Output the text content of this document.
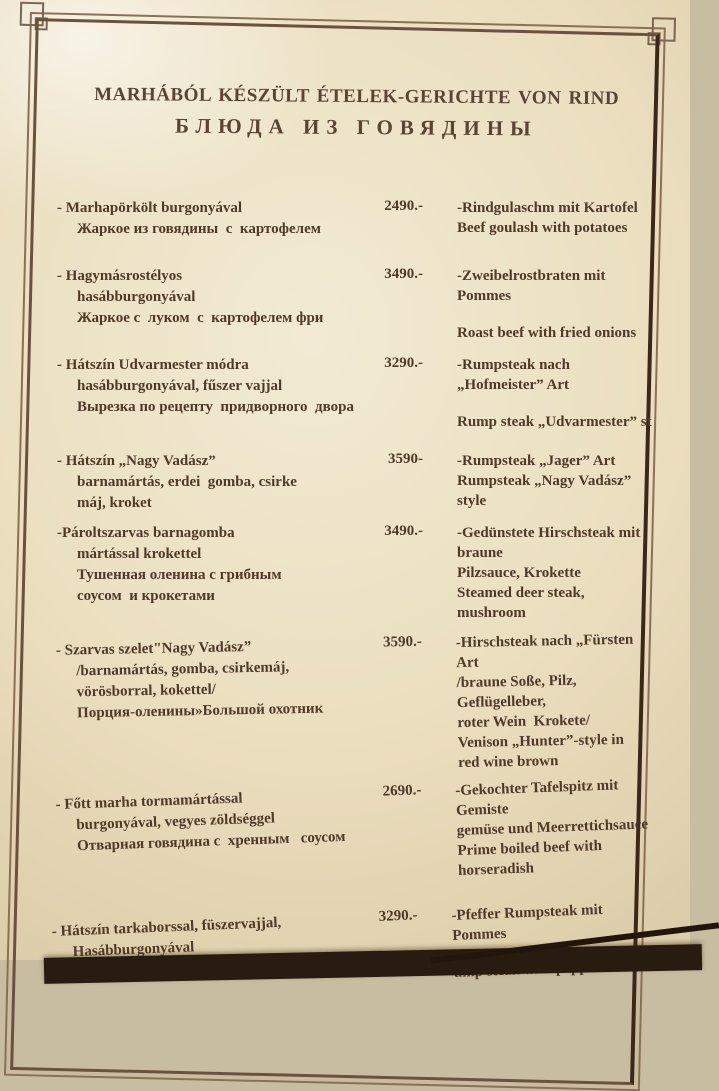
MARHÁBÓL KÉSZÜLT ÉTELEK-GERICHTE VON RIND
БЛЮДА ИЗ ГОВЯДИНЫ
- Marhapörkölt burgonyával
Жаркое из говядины  с  картофелем
2490.- -Rindgulaschm mit Kartofel
Beef goulash with potatoes
- Hagymásrostélyos
hasábburgonyával
Жаркое с  луком  с  картофелем фри
3490.- -Zweibelrostbraten mit Pommes
Roast beef with fried onions
- Hátszín Udvarmester módra
hasábburgonyával, fűszer vajjal
Вырезка по рецепту  придворного  двора
3290.- -Rumpsteak nach „Hofmeister” Art
Rump steak „Udvarmester” st
- Hátszín „Nagy Vadász”
barnamártás, erdei  gomba, csirke
máj, kroket
3590- -Rumpsteak „Jager” Art
Rumpsteak „Nagy Vadász” style
-Pároltszarvas barnagomba
mártással krokettel
Тушенная оленина с грибным
соусом  и крокетами
3490.- -Gedünstete Hirschsteak mit braune
Pilzsauce, Krokette
Steamed deer steak, mushroom
- Szarvas szelet"Nagy Vadász”
/barnamártás, gomba, csirkemáj,
vörösborral, kokettel/
Порция-оленины»Большой охотник
3590.- -Hirschsteak nach „Fürsten Art
/braune Soße, Pilz, Geflügelleber,
roter Wein  Krokete/
Venison „Hunter”-style in
red wine brown
- Főtt marha tormamártással
burgonyával, vegyes zöldséggel
Отварная говядина с  хренным   соусом
2690.- -Gekochter Tafelspitz mit Gemiste
gemüse und Meerrettichsauce
Prime boiled beef with horseradish
- Hátszín tarkaborssal, füszervajjal,
Hasábburgonyával
3290.- -Pfeffer Rumpsteak mit Pommes
